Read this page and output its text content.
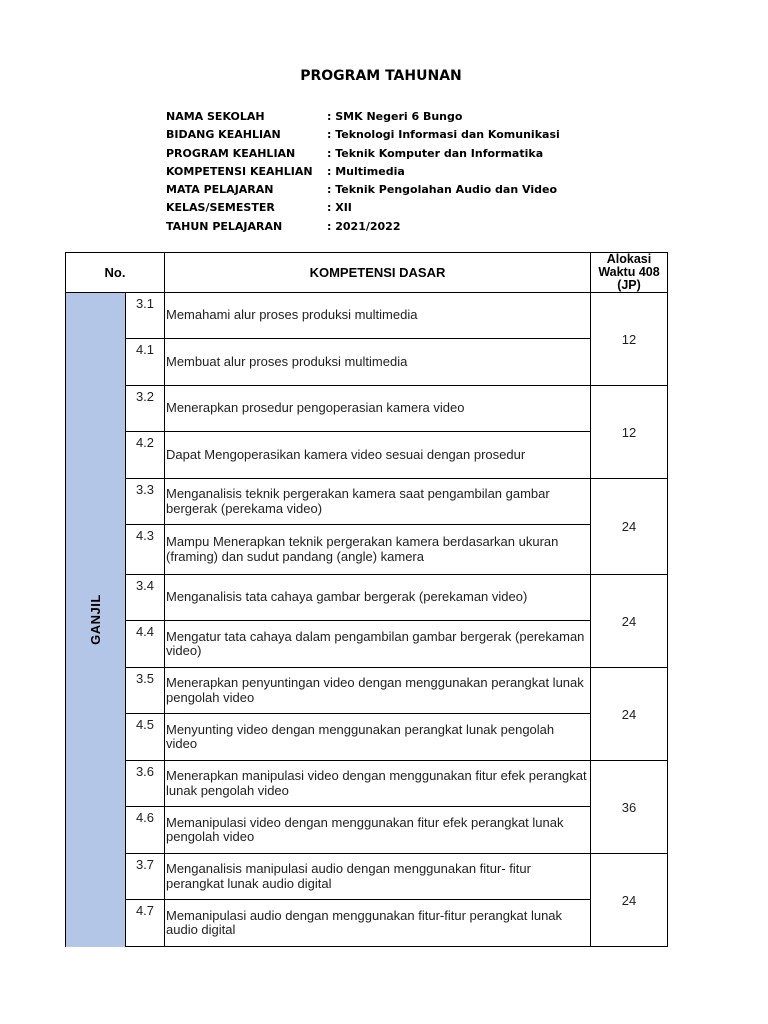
PROGRAM TAHUNAN
NAMA SEKOLAH	: SMK Negeri 6 Bungo
BIDANG KEAHLIAN	: Teknologi Informasi dan Komunikasi
PROGRAM KEAHLIAN	: Teknik Komputer dan Informatika
KOMPETENSI KEAHLIAN : Multimedia
MATA PELAJARAN	: Teknik Pengolahan Audio dan Video
KELAS/SEMESTER	: XII
TAHUN PELAJARAN	: 2021/2022
No.		KOMPETENSI DASAR	Alokasi Waktu 408 (JP)
GANJIL	3.1	Memahami alur proses produksi multimedia	12
	4.1	Membuat alur proses produksi multimedia	
	3.2	Menerapkan prosedur pengoperasian kamera video	12
	4.2	Dapat Mengoperasikan kamera video sesuai dengan prosedur	
	3.3	Menganalisis teknik pergerakan kamera saat pengambilan gambar bergerak (perekama video)	24
	4.3	Mampu Menerapkan teknik pergerakan kamera berdasarkan ukuran (framing) dan sudut pandang (angle) kamera	
	3.4	Menganalisis tata cahaya gambar bergerak (perekaman video)	24
	4.4	Mengatur tata cahaya dalam pengambilan gambar bergerak (perekaman video)	
	3.5	Menerapkan penyuntingan video dengan menggunakan perangkat lunak pengolah video	24
	4.5	Menyunting video dengan menggunakan perangkat lunak pengolah video	
	3.6	Menerapkan manipulasi video dengan menggunakan fitur efek perangkat lunak pengolah video	36
	4.6	Memanipulasi video dengan menggunakan fitur efek perangkat lunak pengolah video	
	3.7	Menganalisis manipulasi audio dengan menggunakan fitur- fitur perangkat lunak audio digital	24
	4.7	Memanipulasi audio dengan menggunakan fitur-fitur perangkat lunak audio digital	
